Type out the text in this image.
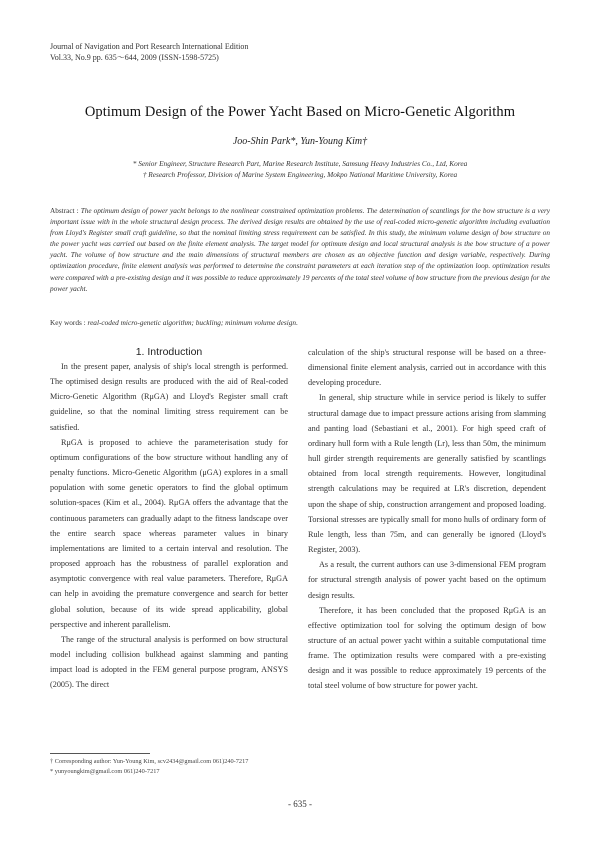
Journal of Navigation and Port Research International Edition
Vol.33, No.9 pp. 635～644, 2009 (ISSN-1598-5725)
Optimum Design of the Power Yacht Based on Micro-Genetic Algorithm
Joo-Shin Park*, Yun-Young Kim†
* Senior Engineer, Structure Research Part, Marine Research Institute, Samsung Heavy Industries Co., Ltd, Korea
† Research Professor, Division of Marine System Engineering, Mokpo National Maritime University, Korea
Abstract : The optimum design of power yacht belongs to the nonlinear constrained optimization problems. The determination of scantlings for the bow structure is a very important issue with in the whole structural design process. The derived design results are obtained by the use of real-coded micro-genetic algorithm including evaluation from Lloyd's Register small craft guideline, so that the nominal limiting stress requirement can be satisfied. In this study, the minimum volume design of bow structure on the power yacht was carried out based on the finite element analysis. The target model for optimum design and local structural analysis is the bow structure of a power yacht. The volume of bow structure and the main dimensions of structural members are chosen as an objective function and design variable, respectively. During optimization procedure, finite element analysis was performed to determine the constraint parameters at each iteration step of the optimization loop. optimization results were compared with a pre-existing design and it was possible to reduce approximately 19 percents of the total steel volume of bow structure from the previous design for the power yacht.
Key words : real-coded micro-genetic algorithm; buckling; minimum volume design.

1. Introduction

In the present paper, analysis of ship's local strength is performed. The optimised design results are produced with the aid of Real-coded Micro-Genetic Algorithm (RμGA) and Lloyd's Register small craft guideline, so that the nominal limiting stress requirement can be satisfied.

RμGA is proposed to achieve the parameterisation study for optimum configurations of the bow structure without handling any of penalty functions. Micro-Genetic Algorithm (μGA) explores in a small population with some genetic operators to find the global optimum solution-spaces (Kim et al., 2004). RμGA offers the advantage that the continuous parameters can gradually adapt to the fitness landscape over the entire search space whereas parameter values in binary implementations are limited to a certain interval and resolution. The proposed approach has the robustness of parallel exploration and asymptotic convergence with real value parameters. Therefore, RμGA can help in avoiding the premature convergence and search for better global solution, because of its wide spread applicability, global perspective and inherent parallelism.

The range of the structural analysis is performed on bow structural model including collision bulkhead against slamming and panting impact load is adopted in the FEM general purpose program, ANSYS (2005). The direct

calculation of the ship's structural response will be based on a three-dimensional finite element analysis, carried out in accordance with this developing procedure.

In general, ship structure while in service period is likely to suffer structural damage due to impact pressure actions arising from slamming and panting load (Sebastiani et al., 2001). For high speed craft of ordinary hull form with a Rule length (Lr), less than 50m, the minimum hull girder strength requirements are generally satisfied by scantlings obtained from local strength requirements. However, longitudinal strength calculations may be required at LR's discretion, dependent upon the shape of ship, construction arrangement and proposed loading. Torsional stresses are typically small for mono hulls of ordinary form of Rule length, less than 75m, and can generally be ignored (Lloyd's Register, 2003).

As a result, the current authors can use 3-dimensional FEM program for structural strength analysis of power yacht based on the optimum design results.

Therefore, it has been concluded that the proposed RμGA is an effective optimization tool for solving the optimum design of bow structure of an actual power yacht within a suitable computational time frame. The optimization results were compared with a pre-existing design and it was possible to reduce approximately 19 percents of the total steel volume of bow structure for power yacht.

† Corresponding author: Yun-Young Kim, scv2434@gmail.com 061)240-7217
* yunyoungkim@gmail.com 061)240-7217
- 635 -
